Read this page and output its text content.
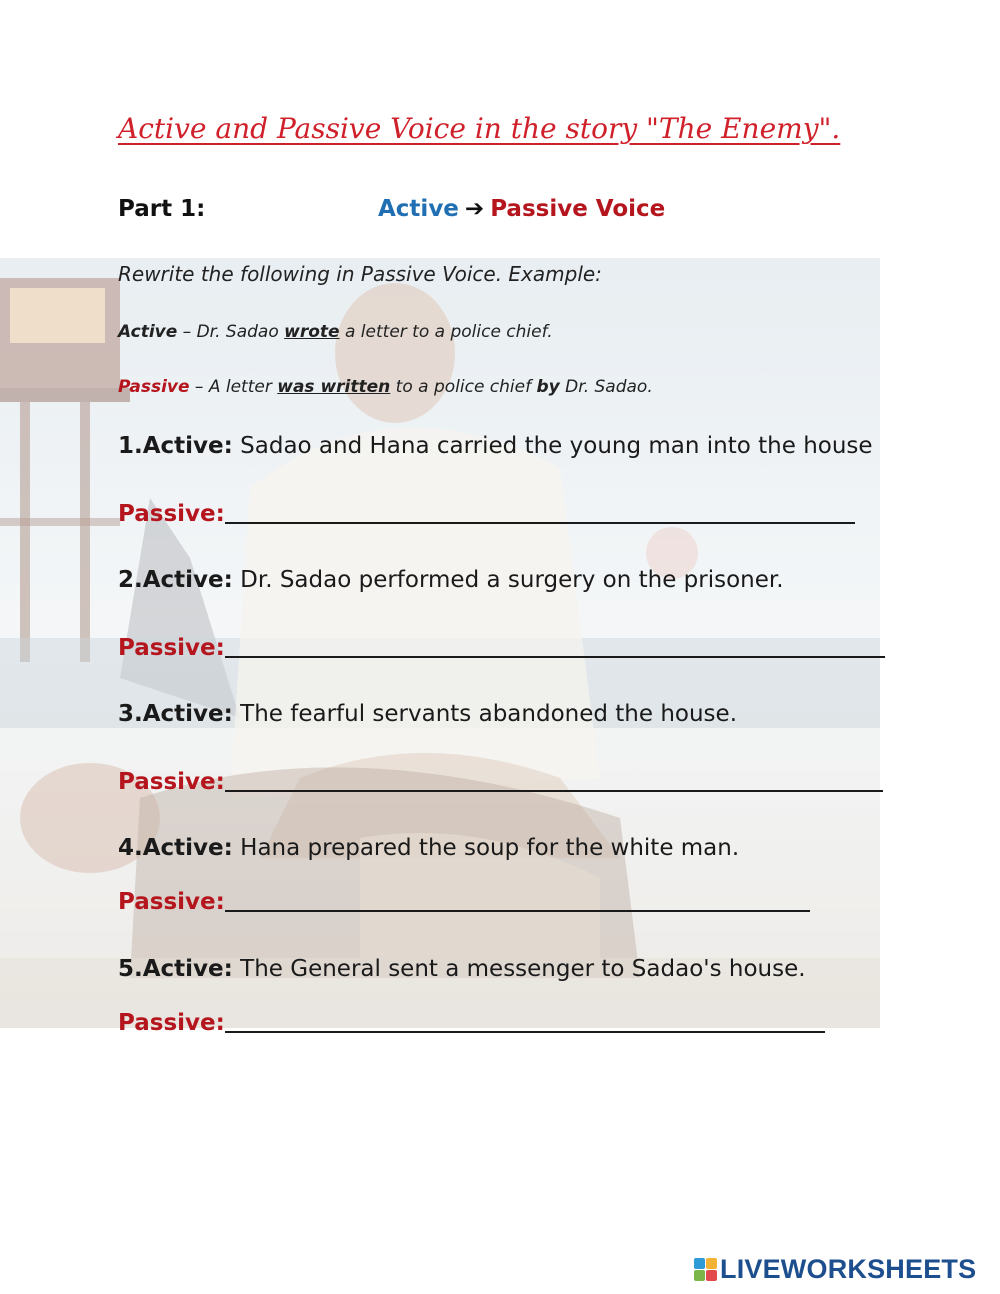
Active and Passive Voice in the story "The Enemy".
Part 1:	Active ➔ Passive Voice
Rewrite the following in Passive Voice. Example:
Active – Dr. Sadao wrote a letter to a police chief.
Passive – A letter was written to a police chief by Dr. Sadao.
1.Active: Sadao and Hana carried the young man into the house
Passive:
2.Active: Dr. Sadao performed a surgery on the prisoner.
Passive:
3.Active: The fearful servants abandoned the house.
Passive:
4.Active: Hana prepared the soup for the white man.
Passive:
5.Active: The General sent a messenger to Sadao's house.
Passive:
LIVEWORKSHEETS
